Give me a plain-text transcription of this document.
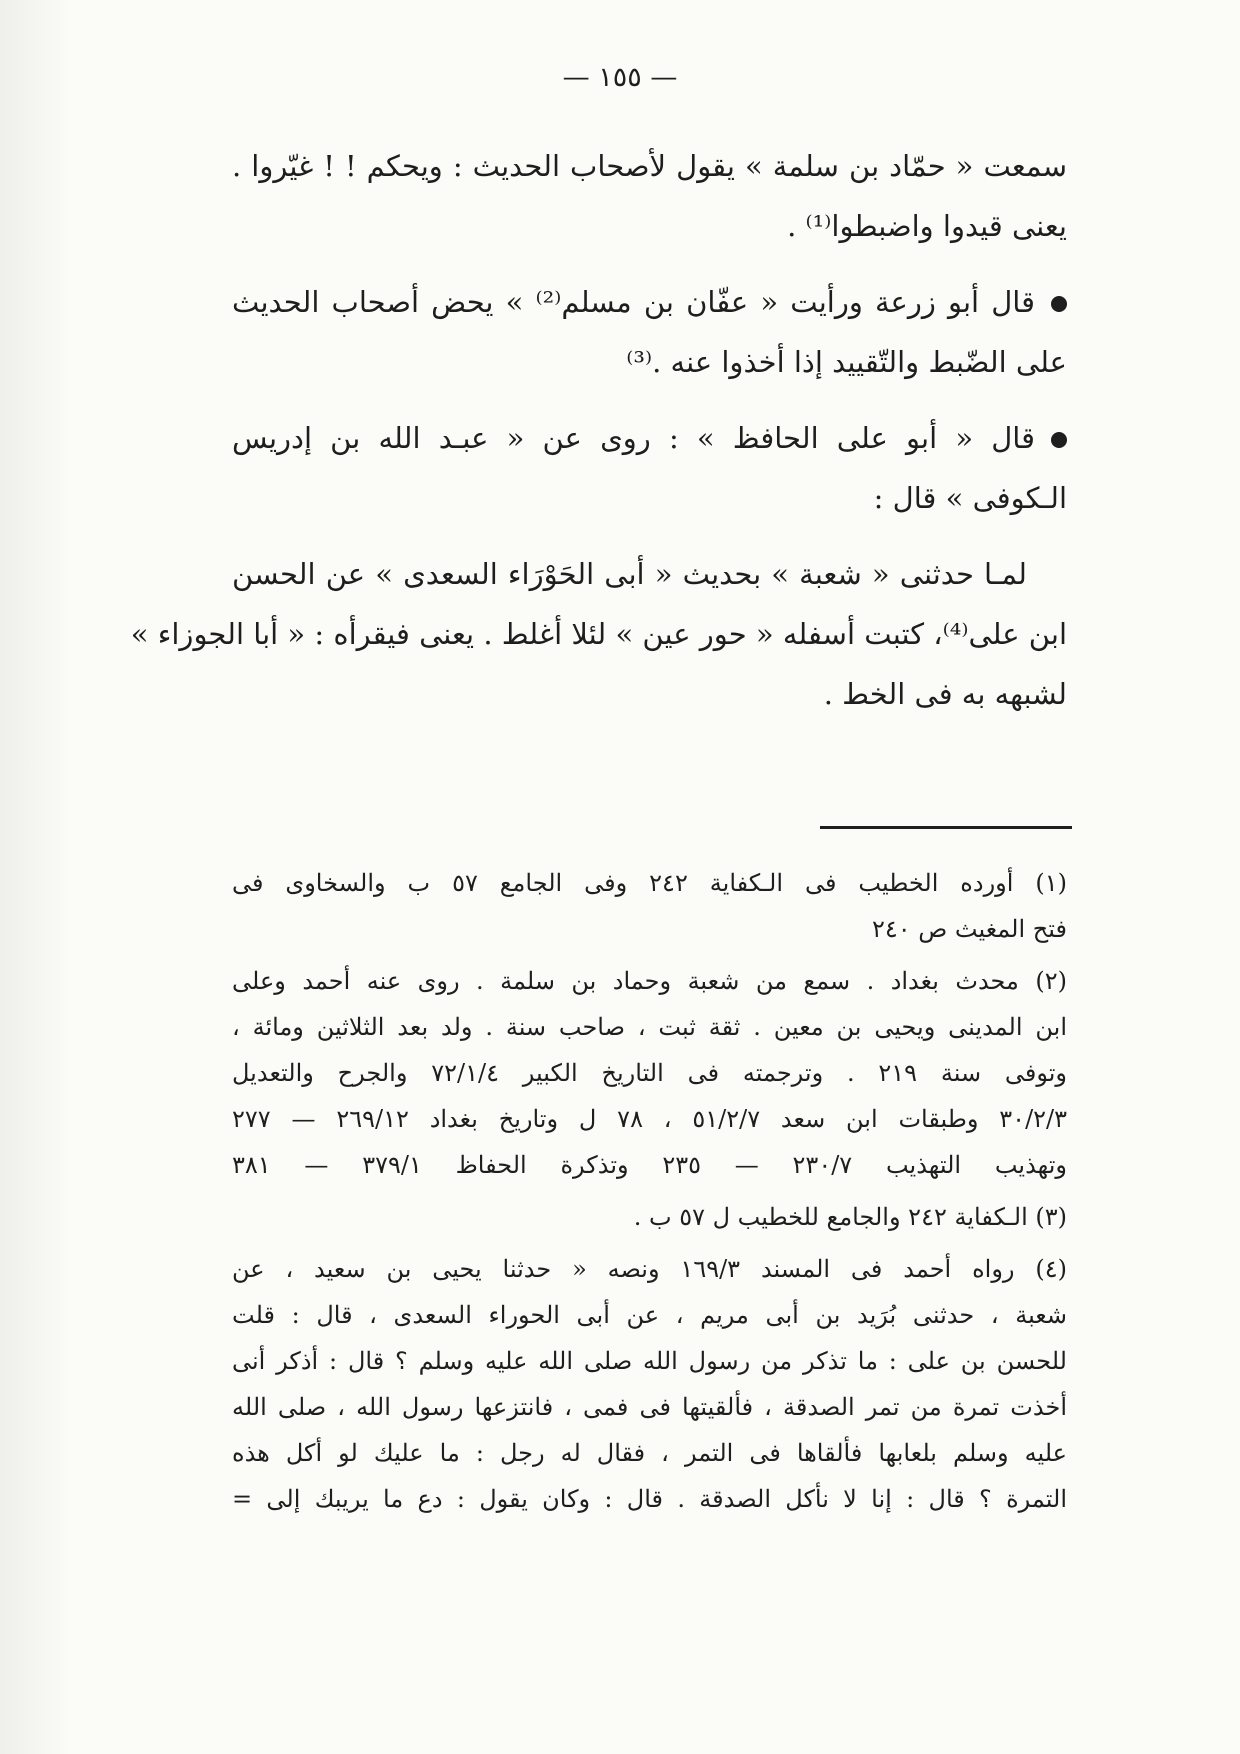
— ١٥٥ —
سمعت « حمّاد بن سلمة » يقول لأصحاب الحديث : ويحكم ! ! غيّروا .
يعنى قيدوا واضبطوا⁽¹⁾ .
قال أبو زرعة ورأيت « عفّان بن مسلم⁽²⁾ » يحض أصحاب الحديث
على الضّبط والتّقييد إذا أخذوا عنه .⁽³⁾
قال « أبو على الحافظ » : روى عن « عبـد الله بن إدريس
الـكوفى » قال :
لمـا حدثنى « شعبة » بحديث « أبى الحَوْرَاء السعدى » عن الحسن
ابن على⁽⁴⁾، كتبت أسفله « حور عين » لئلا أغلط . يعنى فيقرأه : « أبا الجوزاء »
لشبهه به فى الخط .
(١) أورده الخطيب فى الـكفاية ٢٤٢ وفى الجامع ٥٧ ب والسخاوى فى
فتح المغيث ص ٢٤٠
(٢) محدث بغداد . سمع من شعبة وحماد بن سلمة . روى عنه أحمد وعلى
ابن المدينى ويحيى بن معين . ثقة ثبت ، صاحب سنة . ولد بعد الثلاثين ومائة ،
وتوفى سنة ٢١٩ . وترجمته فى التاريخ الكبير ٧٢/١/٤ والجرح والتعديل
٣٠/٢/٣ وطبقات ابن سعد ٥١/٢/٧ ، ٧٨ ل وتاريخ بغداد ٢٦٩/١٢ — ٢٧٧
وتهذيب التهذيب ٢٣٠/٧ — ٢٣٥ وتذكرة الحفاظ ٣٧٩/١ — ٣٨١
(٣) الـكفاية ٢٤٢ والجامع للخطيب ل ٥٧ ب .
(٤) رواه أحمد فى المسند ١٦٩/٣ ونصه « حدثنا يحيى بن سعيد ، عن
شعبة ، حدثنى بُرَيد بن أبى مريم ، عن أبى الحوراء السعدى ، قال : قلت
للحسن بن على : ما تذكر من رسول الله صلى الله عليه وسلم ؟ قال : أذكر أنى
أخذت تمرة من تمر الصدقة ، فألقيتها فى فمى ، فانتزعها رسول الله ، صلى الله
عليه وسلم بلعابها فألقاها فى التمر ، فقال له رجل : ما عليك لو أكل هذه
التمرة ؟ قال : إنا لا نأكل الصدقة . قال : وكان يقول : دع ما يريبك إلى =
